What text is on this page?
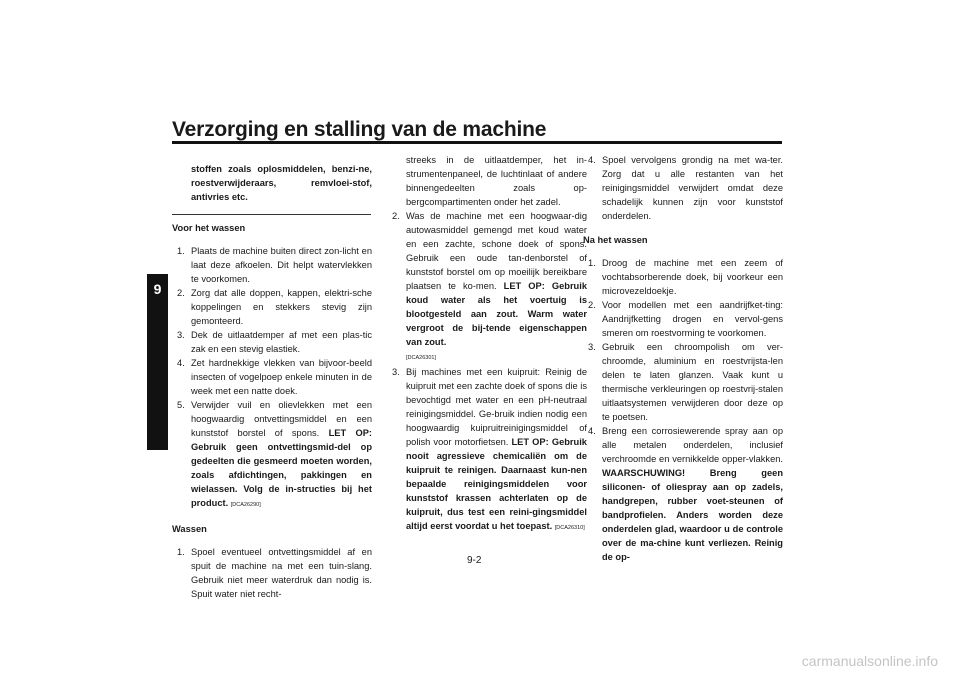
Verzorging en stalling van de machine
9

stoffen zoals oplosmiddelen, benzi-ne, roestverwijderaars, remvloei-stof, antivries etc.

Voor het wassen

1. Plaats de machine buiten direct zon-licht en laat deze afkoelen. Dit helpt watervlekken te voorkomen.
2. Zorg dat alle doppen, kappen, elektri-sche koppelingen en stekkers stevig zijn gemonteerd.
3. Dek de uitlaatdemper af met een plas-tic zak en een stevig elastiek.
4. Zet hardnekkige vlekken van bijvoor-beeld insecten of vogelpoep enkele minuten in de week met een natte doek.
5. Verwijder vuil en olievlekken met een hoogwaardig ontvettingsmiddel en een kunststof borstel of spons. LET OP: Gebruik geen ontvettingsmid-del op gedeelten die gesmeerd moeten worden, zoals afdichtingen, pakkingen en wielassen. Volg de in-structies bij het product. [DCA26290]

Wassen

1. Spoel eventueel ontvettingsmiddel af en spuit de machine na met een tuin-slang. Gebruik niet meer waterdruk dan nodig is. Spuit water niet recht-
streeks in de uitlaatdemper, het in-strumentenpaneel, de luchtinlaat of andere binnengedeelten zoals op-bergcompartimenten onder het zadel.
2. Was de machine met een hoogwaar-dig autowasmiddel gemengd met koud water en een zachte, schone doek of spons. Gebruik een oude tan-denborstel of kunststof borstel om op moeilijk bereikbare plaatsen te ko-men. LET OP: Gebruik koud water als het voertuig is blootgesteld aan zout. Warm water vergroot de bij-tende eigenschappen van zout.
[DCA26301]
3. Bij machines met een kuipruit: Reinig de kuipruit met een zachte doek of spons die is bevochtigd met water en een pH-neutraal reinigingsmiddel. Ge-bruik indien nodig een hoogwaardig kuipruitreinigingsmiddel of polish voor motorfietsen. LET OP: Gebruik nooit agressieve chemicaliën om de kuipruit te reinigen. Daarnaast kun-nen bepaalde reinigingsmiddelen voor kunststof krassen achterlaten op de kuipruit, dus test een reini-gingsmiddel altijd eerst voordat u het toepast. [DCA26310]
4. Spoel vervolgens grondig na met wa-ter. Zorg dat u alle restanten van het reinigingsmiddel verwijdert omdat deze schadelijk kunnen zijn voor kunststof onderdelen.

Na het wassen

1. Droog de machine met een zeem of vochtabsorberende doek, bij voorkeur een microvezeldoekje.
2. Voor modellen met een aandrijfket-ting: Aandrijfketting drogen en vervol-gens smeren om roestvorming te voorkomen.
3. Gebruik een chroompolish om ver-chroomde, aluminium en roestvrijsta-len delen te laten glanzen. Vaak kunt u thermische verkleuringen op roestvrij-stalen uitlaatsystemen verwijderen door deze op te poetsen.
4. Breng een corrosiewerende spray aan op alle metalen onderdelen, inclusief verchroomde en vernikkelde opper-vlakken. WAARSCHUWING! Breng geen siliconen- of oliespray aan op zadels, handgrepen, rubber voet-steunen of bandprofielen. Anders worden deze onderdelen glad, waardoor u de controle over de ma-chine kunt verliezen. Reinig de op-
9-2
carmanualsonline.info
